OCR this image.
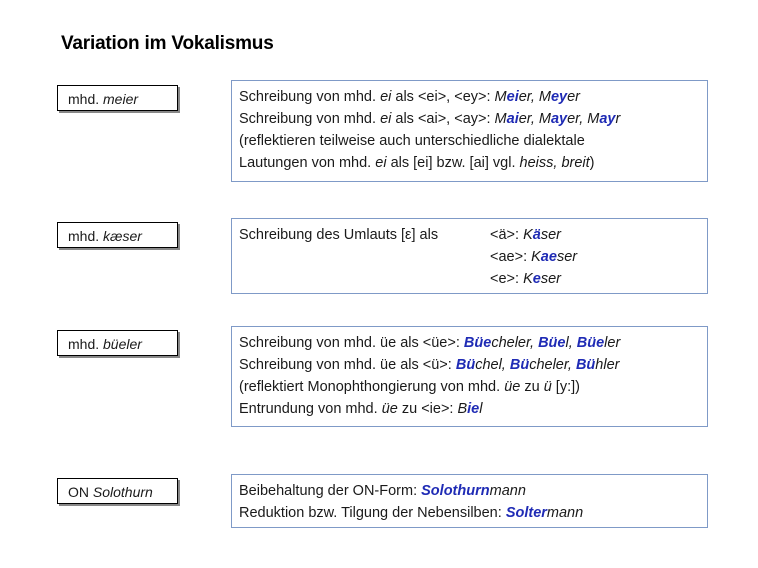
Variation im Vokalismus
mhd. meier	Schreibung von mhd. ei als <ei>, <ey>: Meier, Meyer
Schreibung von mhd. ei als <ai>, <ay>: Maier, Mayer, Mayr
(reflektieren teilweise auch unterschiedliche dialektale
Lautungen von mhd. ei als [ei] bzw. [ai] vgl. heiss, breit)
mhd. kæser	Schreibung des Umlauts [ε] als	<ä>: Käser
<ae>: Kaeser
<e>: Keser
mhd. büeler	Schreibung von mhd. üe als <üe>: Büecheler, Büel, Büeler
Schreibung von mhd. üe als <ü>: Büchel, Bücheler, Bühler
(reflektiert Monophthongierung von mhd. üe zu ü [y:])
Entrundung von mhd. üe zu <ie>: Biel
ON Solothurn	Beibehaltung der ON-Form: Solothurnmann
Reduktion bzw. Tilgung der Nebensilben: Soltermann
